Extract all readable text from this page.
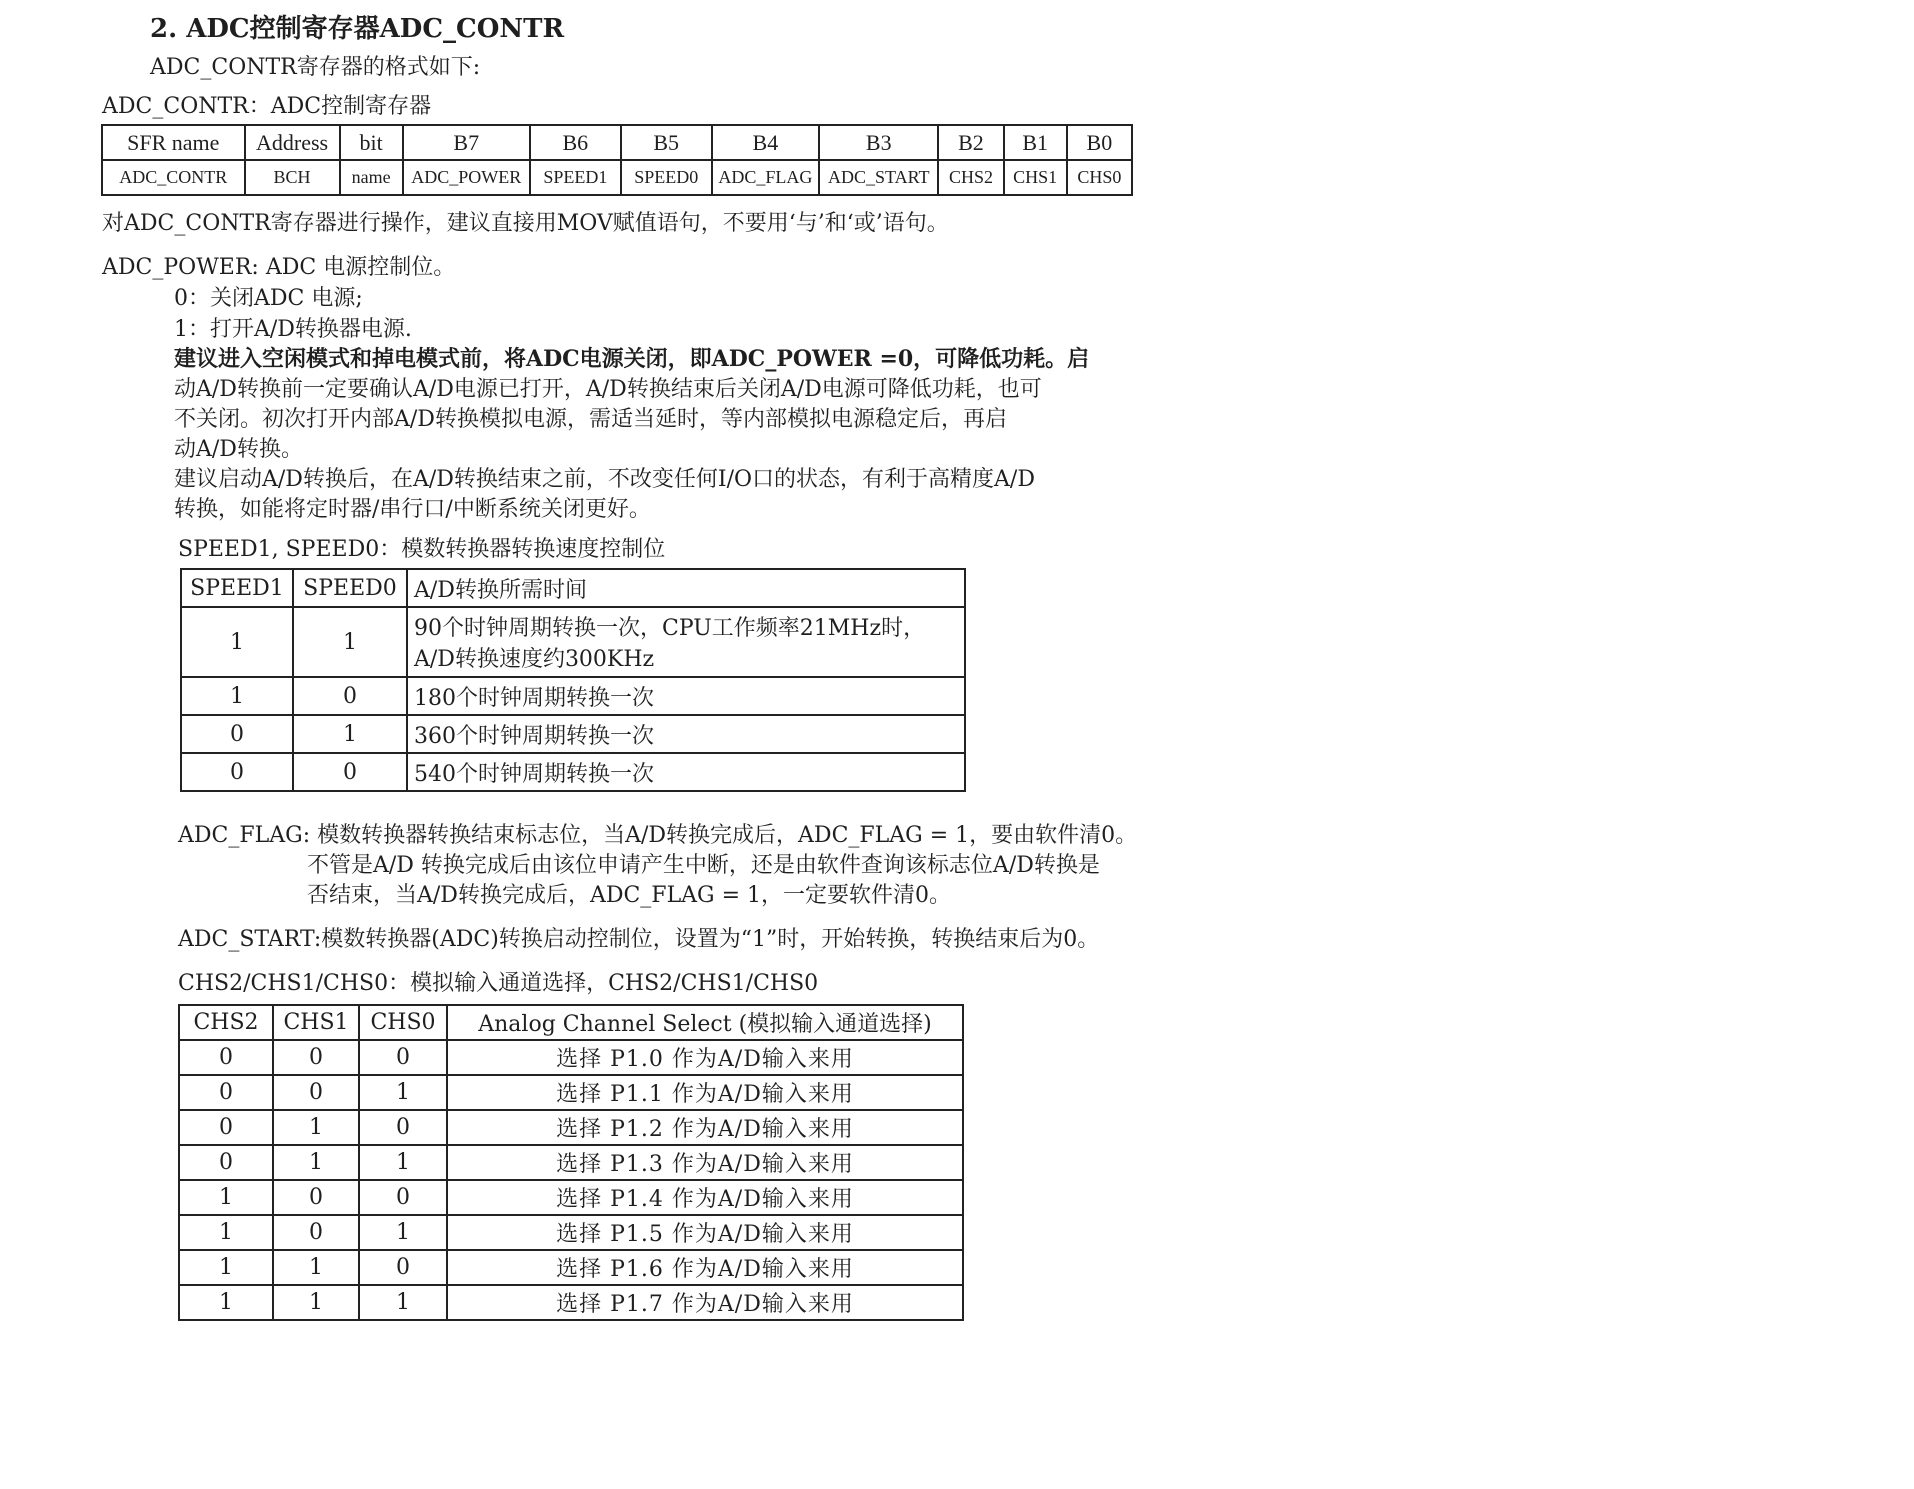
2. ADC控制寄存器ADC_CONTR
ADC_CONTR寄存器的格式如下:
ADC_CONTR：ADC控制寄存器
SFR name	Address	bit	B7	B6	B5	B4	B3	B2	B1	B0
ADC_CONTR	BCH	name	ADC_POWER	SPEED1	SPEED0	ADC_FLAG	ADC_START	CHS2	CHS1	CHS0
对ADC_CONTR寄存器进行操作，建议直接用MOV赋值语句，不要用‘与’和‘或’语句。
ADC_POWER: ADC 电源控制位。
0：关闭ADC 电源;
1：打开A/D转换器电源.
建议进入空闲模式和掉电模式前，将ADC电源关闭，即ADC_POWER =0，可降低功耗。启
动A/D转换前一定要确认A/D电源已打开，A/D转换结束后关闭A/D电源可降低功耗，也可
不关闭。初次打开内部A/D转换模拟电源，需适当延时，等内部模拟电源稳定后，再启
动A/D转换。
建议启动A/D转换后，在A/D转换结束之前，不改变任何I/O口的状态，有利于高精度A/D
转换，如能将定时器/串行口/中断系统关闭更好。
SPEED1, SPEED0：模数转换器转换速度控制位
SPEED1	SPEED0	A/D转换所需时间
1	1	90个时钟周期转换一次，CPU工作频率21MHz时，
A/D转换速度约300KHz

1	0	180个时钟周期转换一次
0	1	360个时钟周期转换一次
0	0	540个时钟周期转换一次
ADC_FLAG: 模数转换器转换结束标志位，当A/D转换完成后，ADC_FLAG = 1，要由软件清0。
不管是A/D 转换完成后由该位申请产生中断，还是由软件查询该标志位A/D转换是
否结束，当A/D转换完成后，ADC_FLAG = 1，一定要软件清0。
ADC_START:模数转换器(ADC)转换启动控制位，设置为“1”时，开始转换，转换结束后为0。
CHS2/CHS1/CHS0：模拟输入通道选择，CHS2/CHS1/CHS0
CHS2	CHS1	CHS0	Analog Channel Select (模拟输入通道选择)
0	0	0	选择 P1.0 作为A/D输入来用
0	0	1	选择 P1.1 作为A/D输入来用
0	1	0	选择 P1.2 作为A/D输入来用
0	1	1	选择 P1.3 作为A/D输入来用
1	0	0	选择 P1.4 作为A/D输入来用
1	0	1	选择 P1.5 作为A/D输入来用
1	1	0	选择 P1.6 作为A/D输入来用
1	1	1	选择 P1.7 作为A/D输入来用
